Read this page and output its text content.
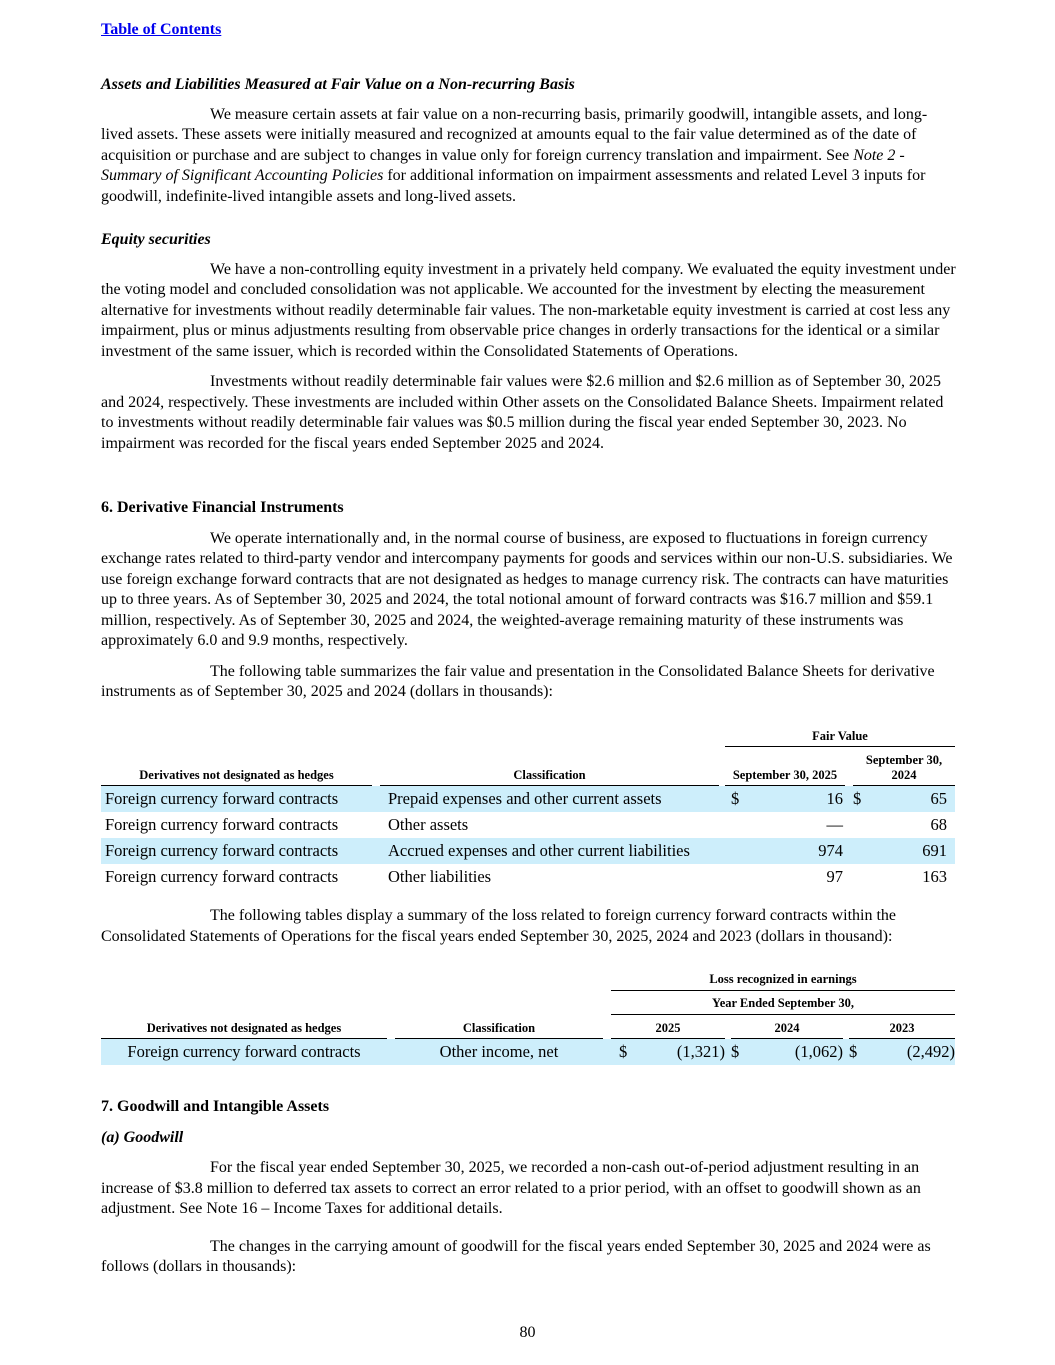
Table of Contents

Assets and Liabilities Measured at Fair Value on a Non-recurring Basis

We measure certain assets at fair value on a non-recurring basis, primarily goodwill, intangible assets, and long-lived assets. These assets were initially measured and recognized at amounts equal to the fair value determined as of the date of acquisition or purchase and are subject to changes in value only for foreign currency translation and impairment. See Note 2 - Summary of Significant Accounting Policies for additional information on impairment assessments and related Level 3 inputs for goodwill, indefinite-lived intangible assets and long-lived assets.

Equity securities

We have a non-controlling equity investment in a privately held company. We evaluated the equity investment under the voting model and concluded consolidation was not applicable. We accounted for the investment by electing the measurement alternative for investments without readily determinable fair values. The non-marketable equity investment is carried at cost less any impairment, plus or minus adjustments resulting from observable price changes in orderly transactions for the identical or a similar investment of the same issuer, which is recorded within the Consolidated Statements of Operations.

Investments without readily determinable fair values were $2.6 million and $2.6 million as of September 30, 2025 and 2024, respectively. These investments are included within Other assets on the Consolidated Balance Sheets. Impairment related to investments without readily determinable fair values was $0.5 million during the fiscal year ended September 30, 2023. No impairment was recorded for the fiscal years ended September 2025 and 2024.

6. Derivative Financial Instruments

We operate internationally and, in the normal course of business, are exposed to fluctuations in foreign currency exchange rates related to third-party vendor and intercompany payments for goods and services within our non-U.S. subsidiaries. We use foreign exchange forward contracts that are not designated as hedges to manage currency risk. The contracts can have maturities up to three years. As of September 30, 2025 and 2024, the total notional amount of forward contracts was $16.7 million and $59.1 million, respectively. As of September 30, 2025 and 2024, the weighted-average remaining maturity of these instruments was approximately 6.0 and 9.9 months, respectively.

The following table summarizes the fair value and presentation in the Consolidated Balance Sheets for derivative instruments as of September 30, 2025 and 2024 (dollars in thousands):

				Fair Value				
Derivatives not designated as hedges		Classification		September 30, 2025			September 30, 2024	
Foreign currency forward contracts		Prepaid expenses and other current assets		$	16		$	65
Foreign currency forward contracts		Other assets			—			68
Foreign currency forward contracts		Accrued expenses and other current liabilities			974			691
Foreign currency forward contracts		Other liabilities			97			163

The following tables display a summary of the loss related to foreign currency forward contracts within the Consolidated Statements of Operations for the fiscal years ended September 30, 2025, 2024 and 2023 (dollars in thousand):

				Loss recognized in earnings							
				Year Ended September 30,							
Derivatives not designated as hedges		Classification		2025			2024			2023	
Foreign currency forward contracts		Other income, net		$	(1,321)		$	(1,062)		$	(2,492)

7. Goodwill and Intangible Assets

(a) Goodwill

For the fiscal year ended September 30, 2025, we recorded a non-cash out-of-period adjustment resulting in an increase of $3.8 million to deferred tax assets to correct an error related to a prior period, with an offset to goodwill shown as an adjustment. See Note 16 – Income Taxes for additional details.

The changes in the carrying amount of goodwill for the fiscal years ended September 30, 2025 and 2024 were as follows (dollars in thousands):

80
